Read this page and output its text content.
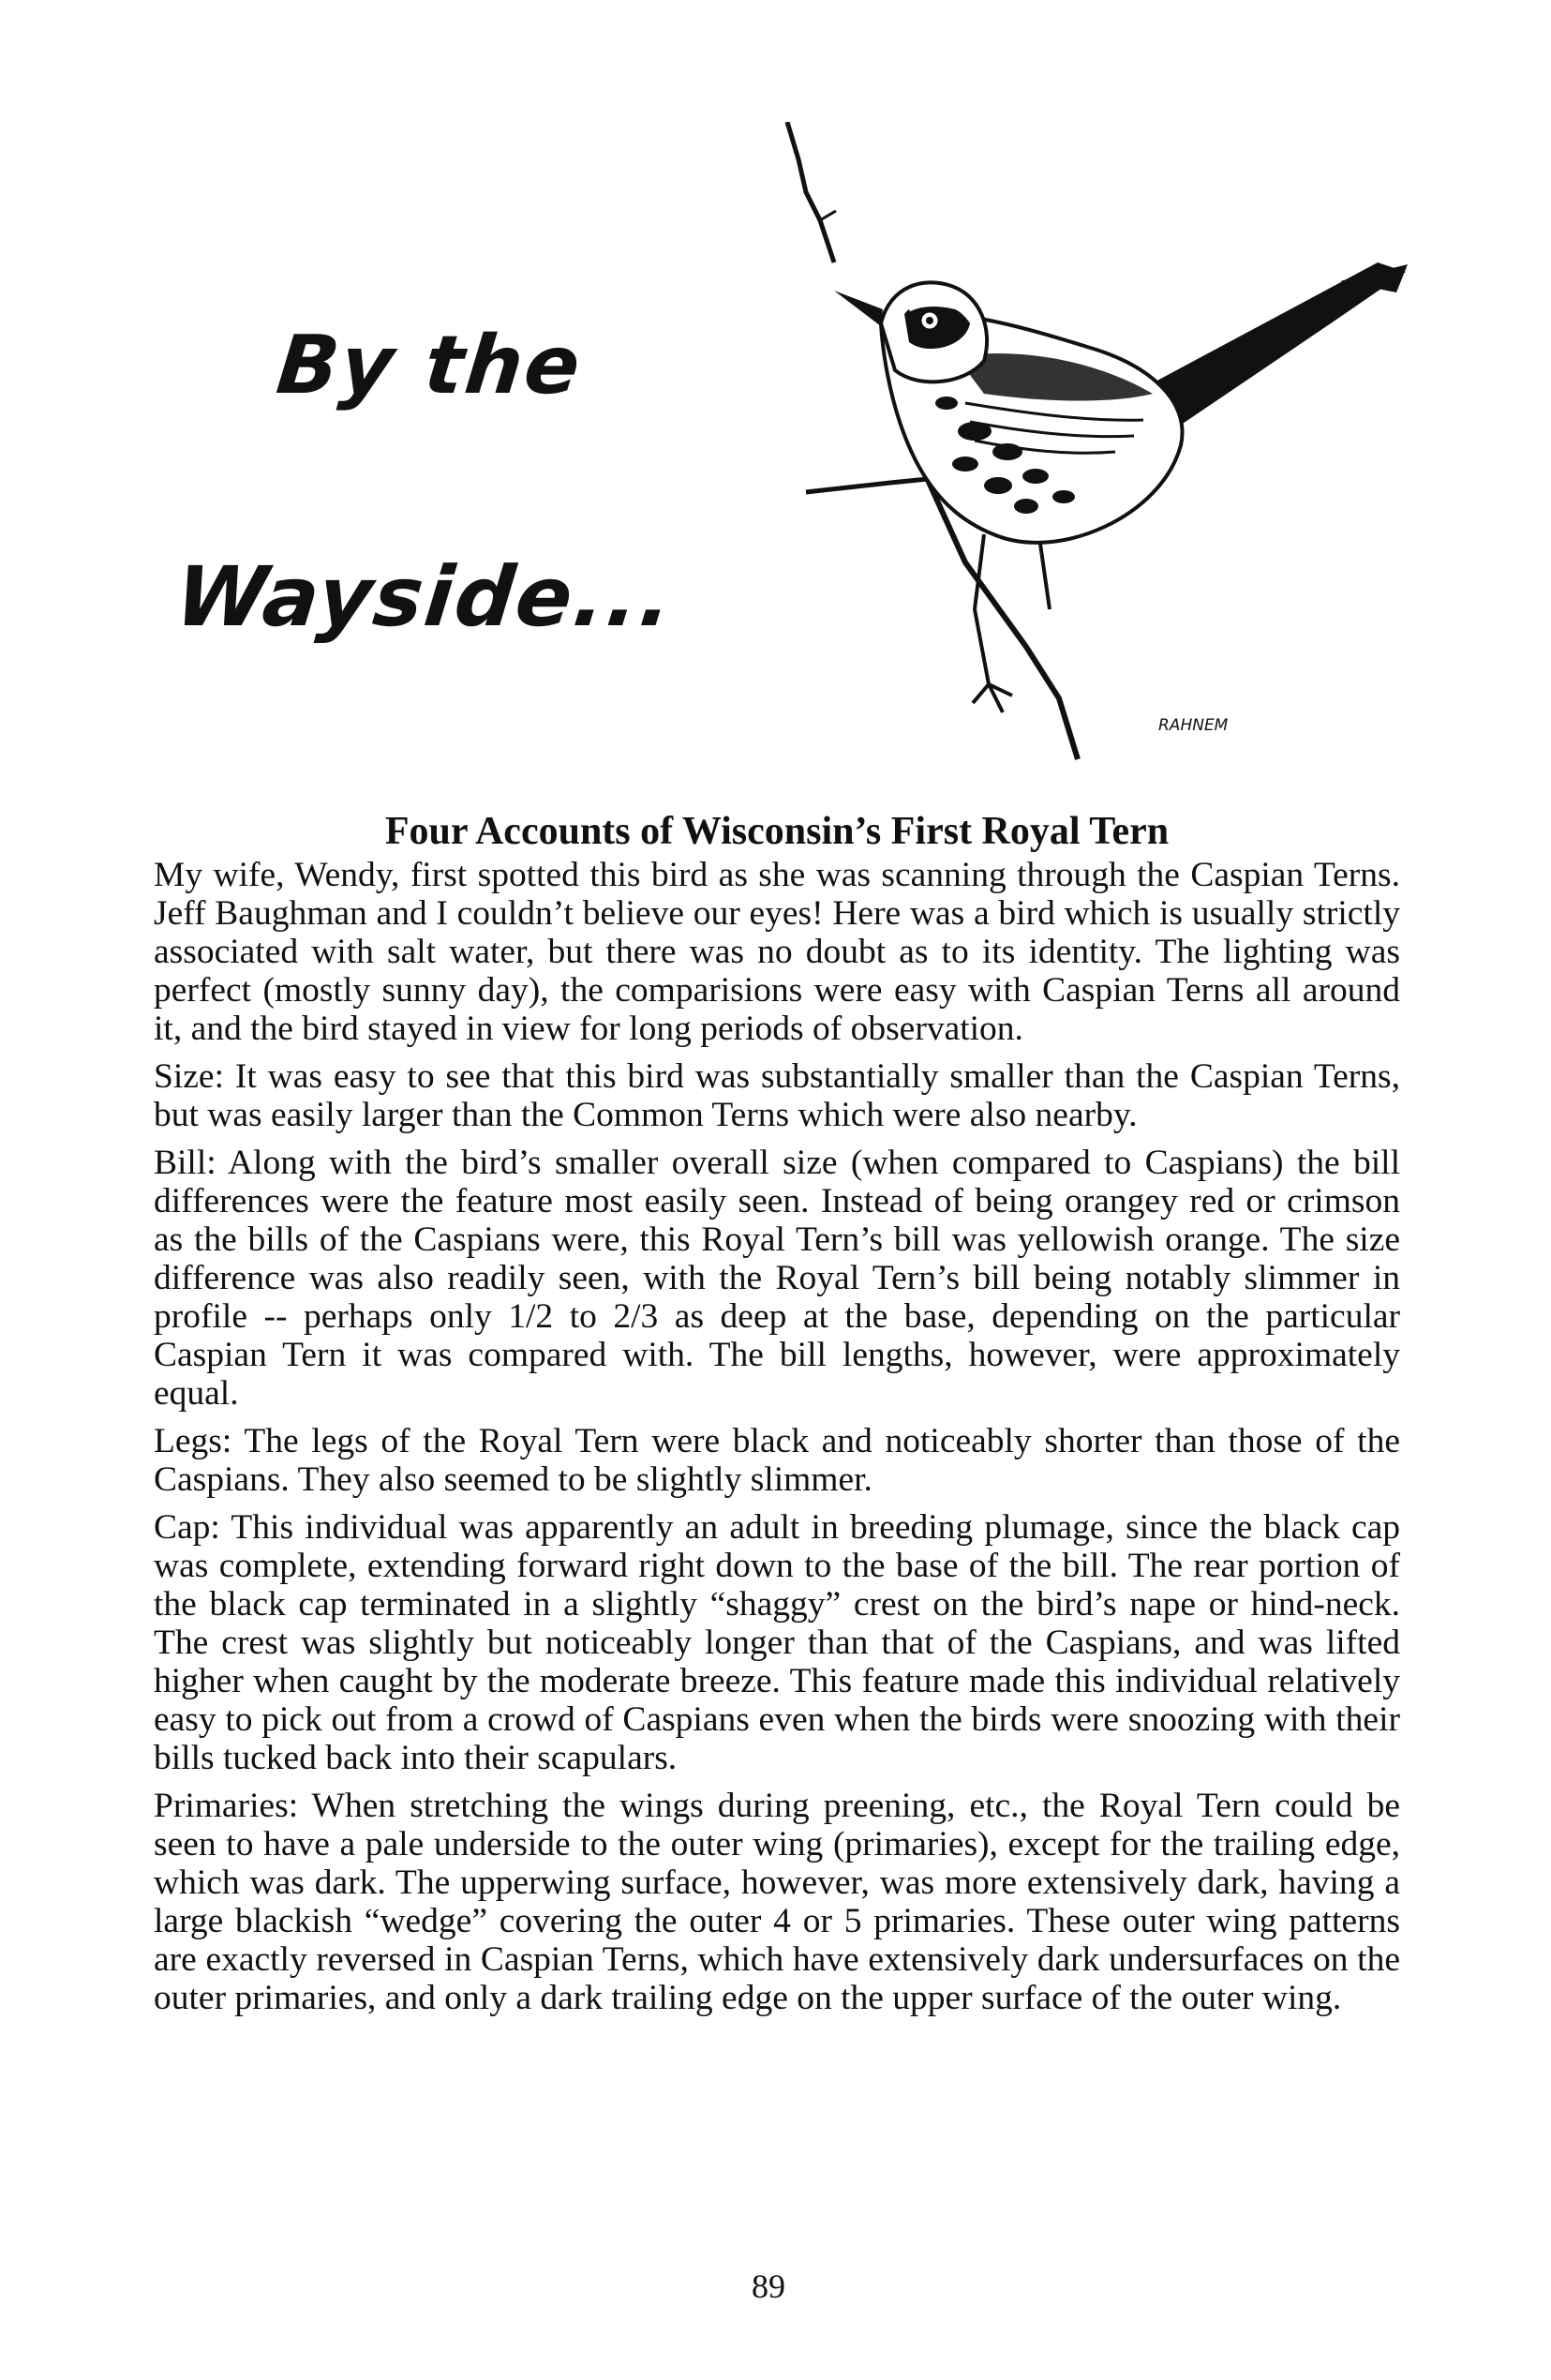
By the
Wayside...
RAHNEM
Four Accounts of Wisconsin’s First Royal Tern

My wife, Wendy, first spotted this bird as she was scanning through the Caspian Terns. Jeff Baughman and I couldn’t believe our eyes! Here was a bird which is usually strictly associated with salt water, but there was no doubt as to its identity. The lighting was perfect (mostly sunny day), the comparisions were easy with Caspian Terns all around it, and the bird stayed in view for long periods of observation.

Size: It was easy to see that this bird was substantially smaller than the Caspian Terns, but was easily larger than the Common Terns which were also nearby.

Bill: Along with the bird’s smaller overall size (when compared to Caspians) the bill differences were the feature most easily seen. Instead of being orangey red or crimson as the bills of the Caspians were, this Royal Tern’s bill was yellowish orange. The size difference was also readily seen, with the Royal Tern’s bill being notably slimmer in profile -- perhaps only 1/2 to 2/3 as deep at the base, depending on the particular Caspian Tern it was compared with. The bill lengths, however, were approximately equal.

Legs: The legs of the Royal Tern were black and noticeably shorter than those of the Caspians. They also seemed to be slightly slimmer.

Cap: This individual was apparently an adult in breeding plumage, since the black cap was complete, extending forward right down to the base of the bill. The rear portion of the black cap terminated in a slightly “shaggy” crest on the bird’s nape or hind-neck. The crest was slightly but noticeably longer than that of the Caspians, and was lifted higher when caught by the moderate breeze. This feature made this individual relatively easy to pick out from a crowd of Caspians even when the birds were snoozing with their bills tucked back into their scapulars.

Primaries: When stretching the wings during preening, etc., the Royal Tern could be seen to have a pale underside to the outer wing (primaries), except for the trailing edge, which was dark. The upperwing surface, however, was more extensively dark, having a large blackish “wedge” covering the outer 4 or 5 primaries. These outer wing patterns are exactly reversed in Caspian Terns, which have extensively dark undersurfaces on the outer primaries, and only a dark trailing edge on the upper surface of the outer wing.

89
